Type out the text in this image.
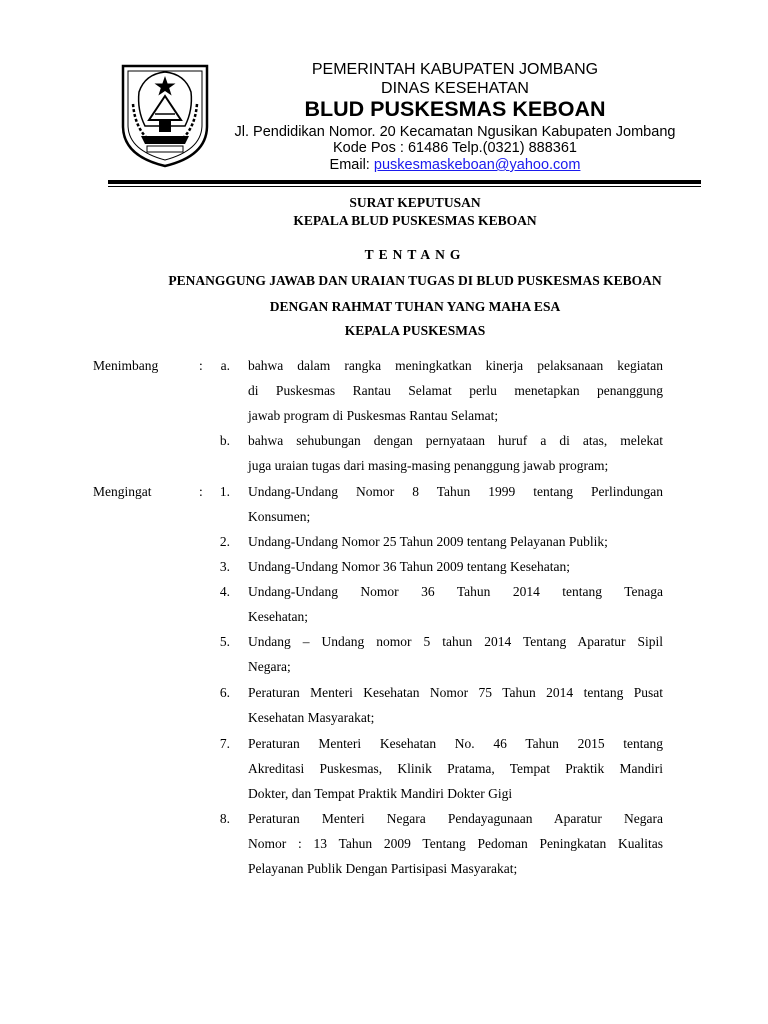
PEMERINTAH KABUPATEN JOMBANG
DINAS KESEHATAN
BLUD PUSKESMAS KEBOAN
Jl. Pendidikan Nomor. 20 Kecamatan Ngusikan Kabupaten Jombang
Kode Pos : 61486 Telp.(0321) 888361
Email: puskesmaskeboan@yahoo.com
SURAT KEPUTUSAN
KEPALA BLUD PUSKESMAS KEBOAN
TENTANG
PENANGGUNG JAWAB DAN URAIAN TUGAS DI BLUD PUSKESMAS KEBOAN
DENGAN RAHMAT TUHAN YANG MAHA ESA
KEPALA PUSKESMAS
Menimbang	:	a. bahwa dalam rangka meningkatkan kinerja pelaksanaan kegiatan
di Puskesmas Rantau Selamat perlu menetapkan penanggung
jawab program di Puskesmas Rantau Selamat;
b. bahwa sehubungan dengan pernyataan huruf a di atas, melekat
juga uraian tugas dari masing-masing penanggung jawab program;
Mengingat	:	1. Undang-Undang Nomor 8 Tahun 1999 tentang Perlindungan
Konsumen;
2. Undang-Undang Nomor 25 Tahun 2009 tentang Pelayanan Publik;
3. Undang-Undang Nomor 36 Tahun 2009 tentang Kesehatan;
4. Undang-Undang Nomor 36 Tahun 2014 tentang Tenaga
Kesehatan;
5. Undang – Undang nomor 5 tahun 2014 Tentang Aparatur Sipil
Negara;
6. Peraturan Menteri Kesehatan Nomor 75 Tahun 2014 tentang Pusat
Kesehatan Masyarakat;
7. Peraturan Menteri Kesehatan No. 46 Tahun 2015 tentang
Akreditasi Puskesmas, Klinik Pratama, Tempat Praktik Mandiri
Dokter, dan Tempat Praktik Mandiri Dokter Gigi
8. Peraturan Menteri Negara Pendayagunaan Aparatur Negara
Nomor : 13 Tahun 2009 Tentang Pedoman Peningkatan Kualitas
Pelayanan Publik Dengan Partisipasi Masyarakat;
